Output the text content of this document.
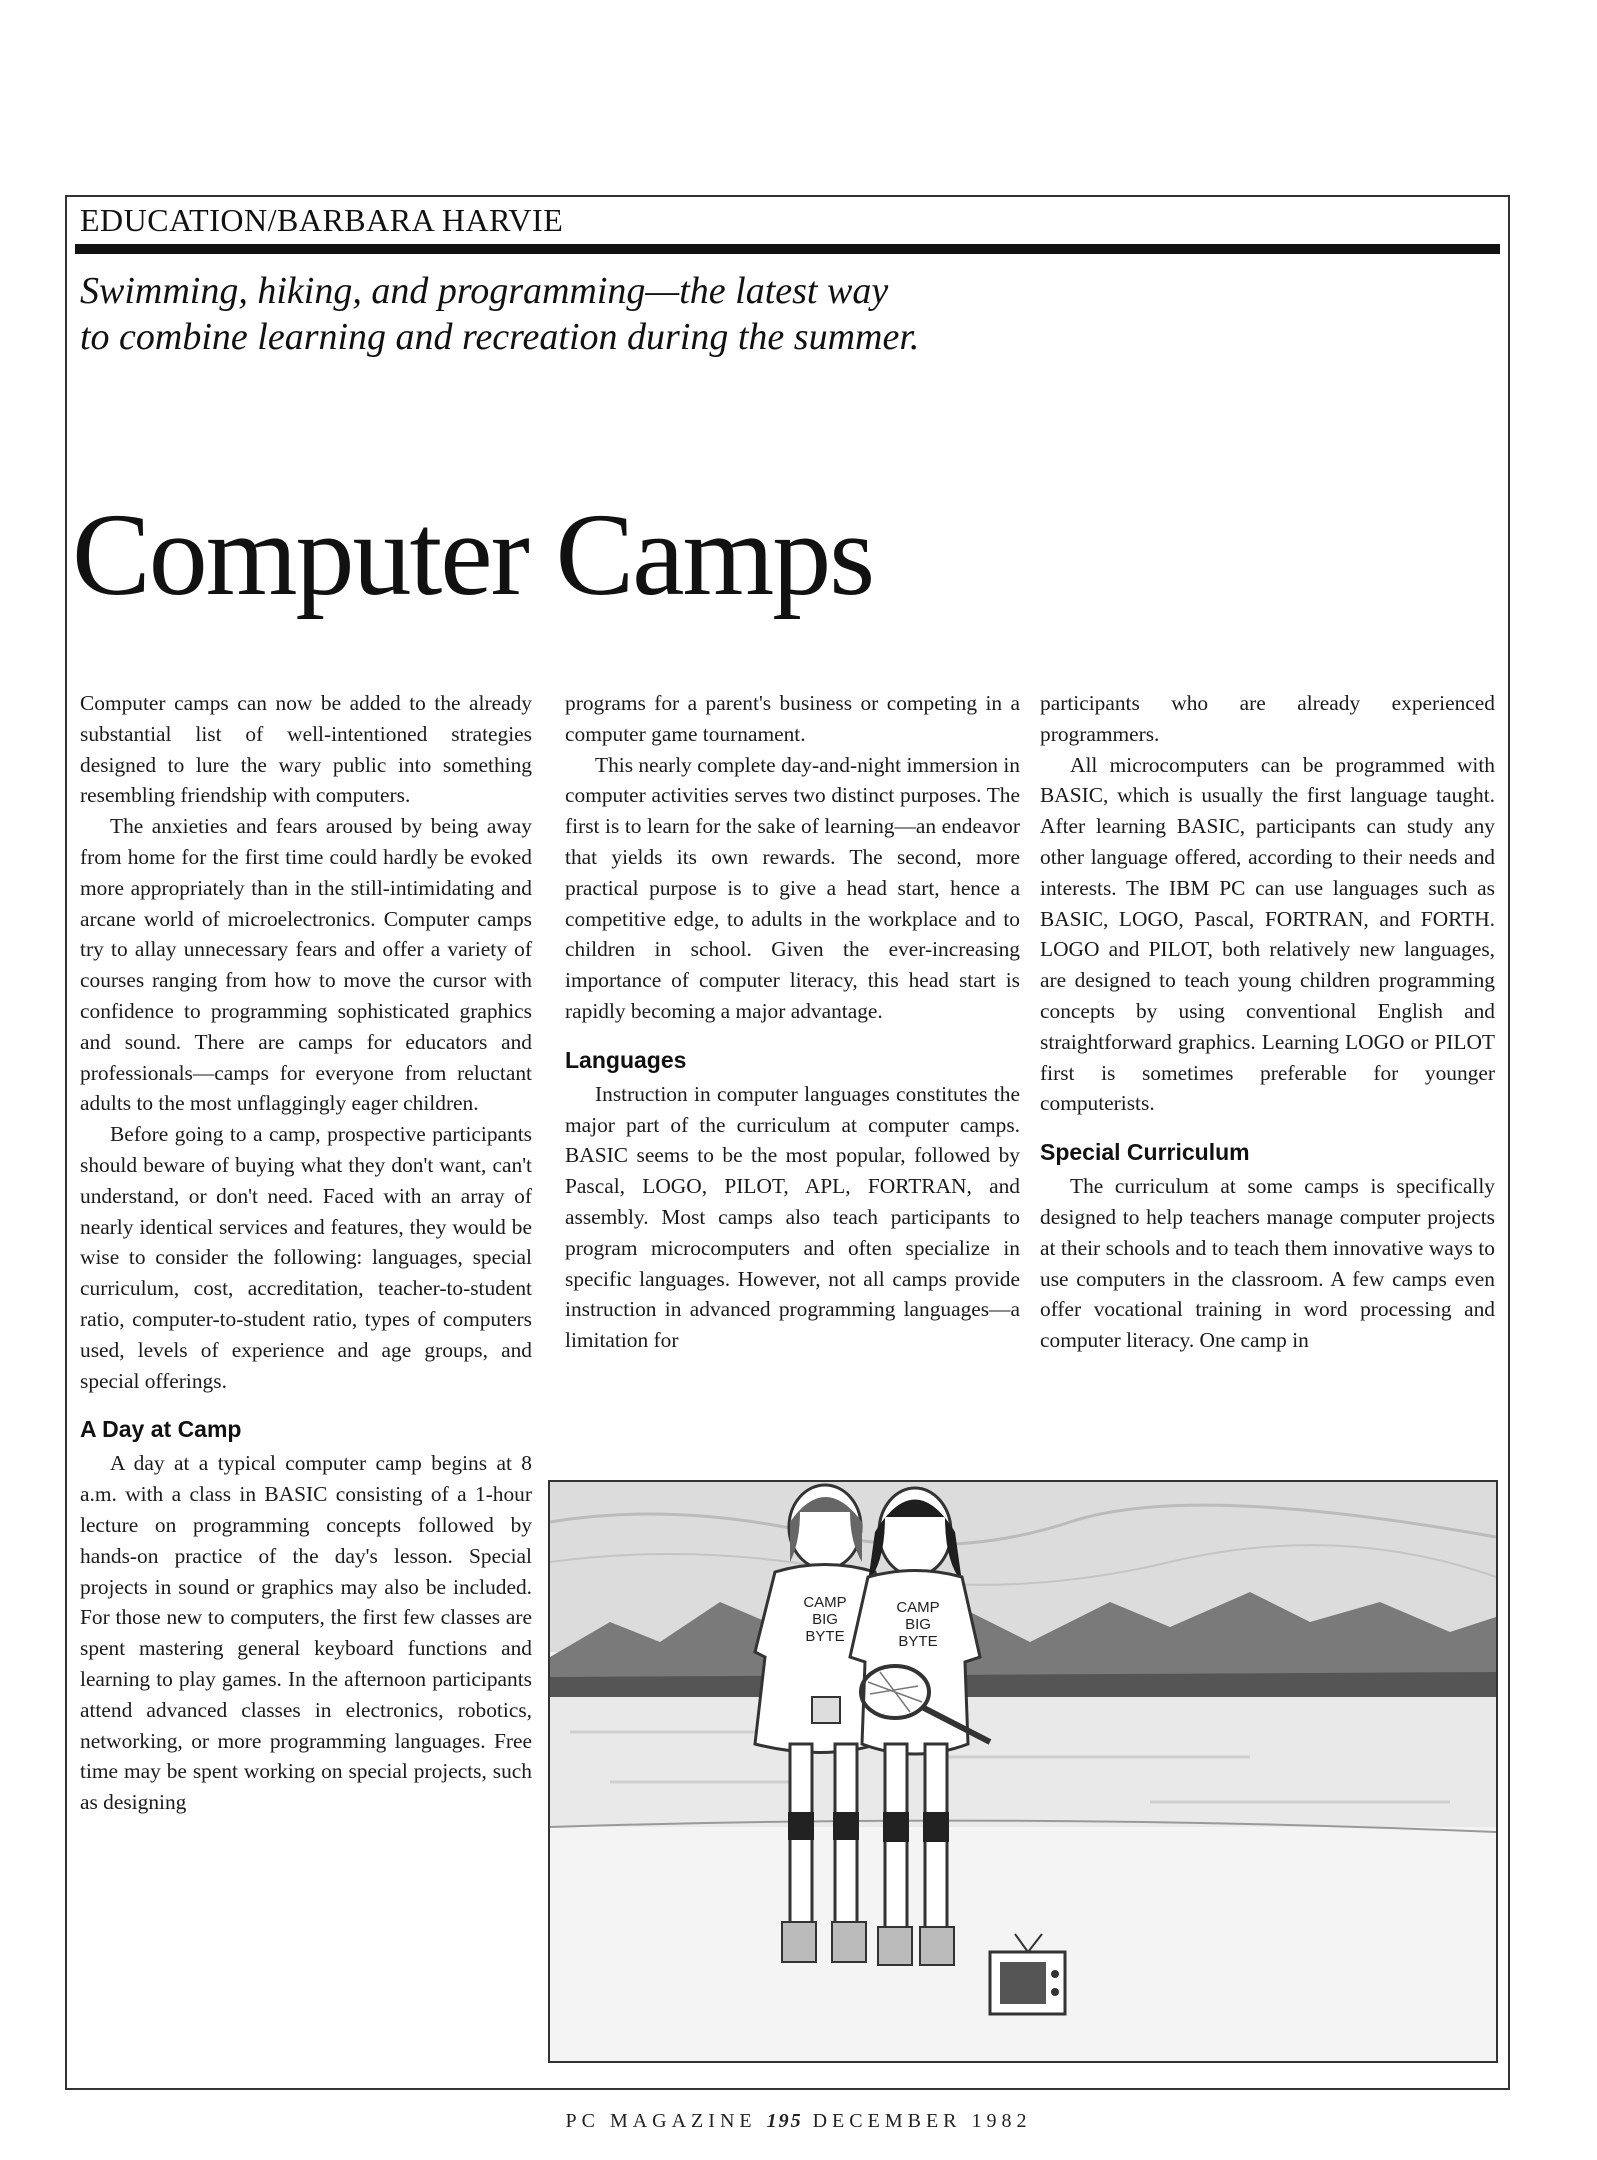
EDUCATION/BARBARA HARVIE
Swimming, hiking, and programming—the latest way
to combine learning and recreation during the summer.
Computer Camps

Computer camps can now be added to the already substantial list of well-intentioned strategies designed to lure the wary public into something resembling friendship with computers.

The anxieties and fears aroused by being away from home for the first time could hardly be evoked more appropriately than in the still-intimidating and arcane world of microelectronics. Computer camps try to allay unnecessary fears and offer a variety of courses ranging from how to move the cursor with confidence to programming sophisticated graphics and sound. There are camps for educators and professionals—camps for everyone from reluctant adults to the most unflaggingly eager children.

Before going to a camp, prospective participants should beware of buying what they don't want, can't understand, or don't need. Faced with an array of nearly identical services and features, they would be wise to consider the following: languages, special curriculum, cost, accreditation, teacher-to-student ratio, computer-to-student ratio, types of computers used, levels of experience and age groups, and special offerings.

A Day at Camp

A day at a typical computer camp begins at 8 a.m. with a class in BASIC consisting of a 1-hour lecture on programming concepts followed by hands-on practice of the day's lesson. Special projects in sound or graphics may also be included. For those new to computers, the first few classes are spent mastering general keyboard functions and learning to play games. In the afternoon participants attend advanced classes in electronics, robotics, networking, or more programming languages. Free time may be spent working on special projects, such as designing

programs for a parent's business or competing in a computer game tournament.

This nearly complete day-and-night immersion in computer activities serves two distinct purposes. The first is to learn for the sake of learning—an endeavor that yields its own rewards. The second, more practical purpose is to give a head start, hence a competitive edge, to adults in the workplace and to children in school. Given the ever-increasing importance of computer literacy, this head start is rapidly becoming a major advantage.

Languages

Instruction in computer languages constitutes the major part of the curriculum at computer camps. BASIC seems to be the most popular, followed by Pascal, LOGO, PILOT, APL, FORTRAN, and assembly. Most camps also teach participants to program microcomputers and often specialize in specific languages. However, not all camps provide instruction in advanced programming languages—a limitation for

participants who are already experienced programmers.

All microcomputers can be programmed with BASIC, which is usually the first language taught. After learning BASIC, participants can study any other language offered, according to their needs and interests. The IBM PC can use languages such as BASIC, LOGO, Pascal, FORTRAN, and FORTH. LOGO and PILOT, both relatively new languages, are designed to teach young children programming concepts by using conventional English and straightforward graphics. Learning LOGO or PILOT first is sometimes preferable for younger computerists.

Special Curriculum

The curriculum at some camps is specifically designed to help teachers manage computer projects at their schools and to teach them innovative ways to use computers in the classroom. A few camps even offer vocational training in word processing and computer literacy. One camp in

CAMP
BIG
BYTE
CAMP
BIG
BYTE
PC MAGAZINE 195 DECEMBER 1982
